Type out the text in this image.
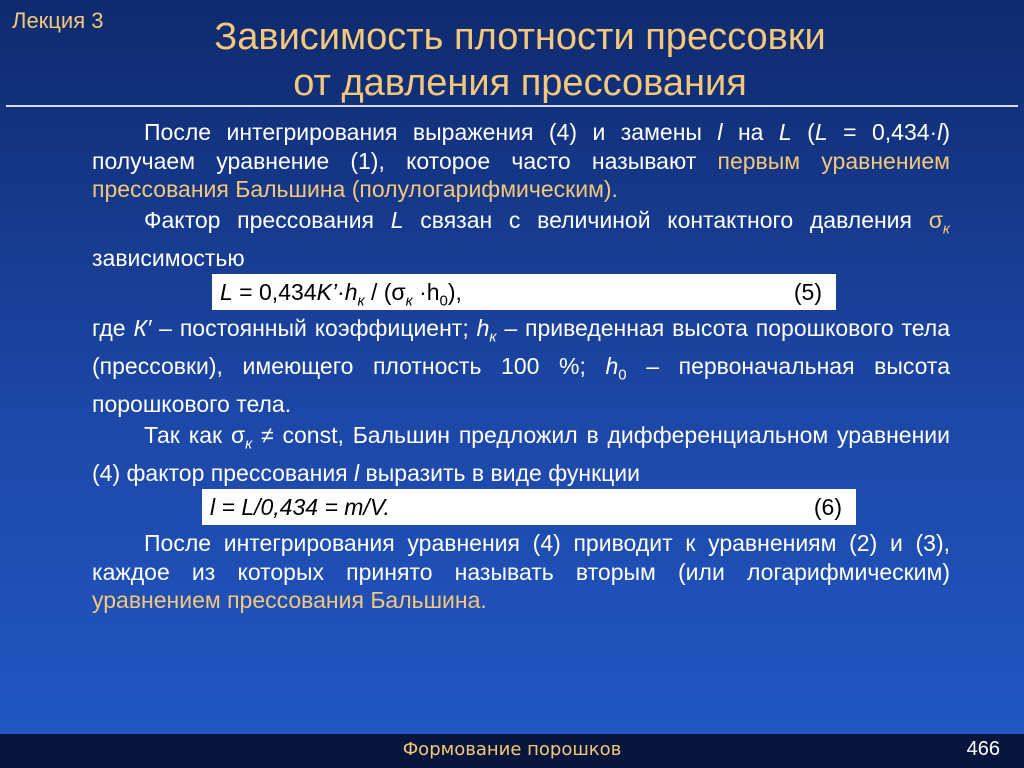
Лекция 3	Зависимость плотности прессовки
от давления прессования

После интегрирования выражения (4) и замены l на L (L = 0,434·l) получаем уравнение (1), которое часто называют первым уравнением прессования Бальшина (полулогарифмическим).

Фактор прессования L связан с величиной контактного давления $\sigma_к$ зависимостью

$L = 0,434K’\cdot h_к / (\sigma_к \cdot h_0)$,	(5)

где К′ – постоянный коэффициент; $h_к$ – приведенная высота порошкового тела (прессовки), имеющего плотность 100 %; $h_0$ – первоначальная высота порошкового тела.

Так как $\sigma_к$ ≠ const, Бальшин предложил в дифференциальном уравнении (4) фактор прессования l выразить в виде функции

l = L/0,434 = m/V.	(6)

После интегрирования уравнения (4) приводит к уравнениям (2) и (3), каждое из которых принято называть вторым (или логарифмическим) уравнением прессования Бальшина.

Формование порошков	466
